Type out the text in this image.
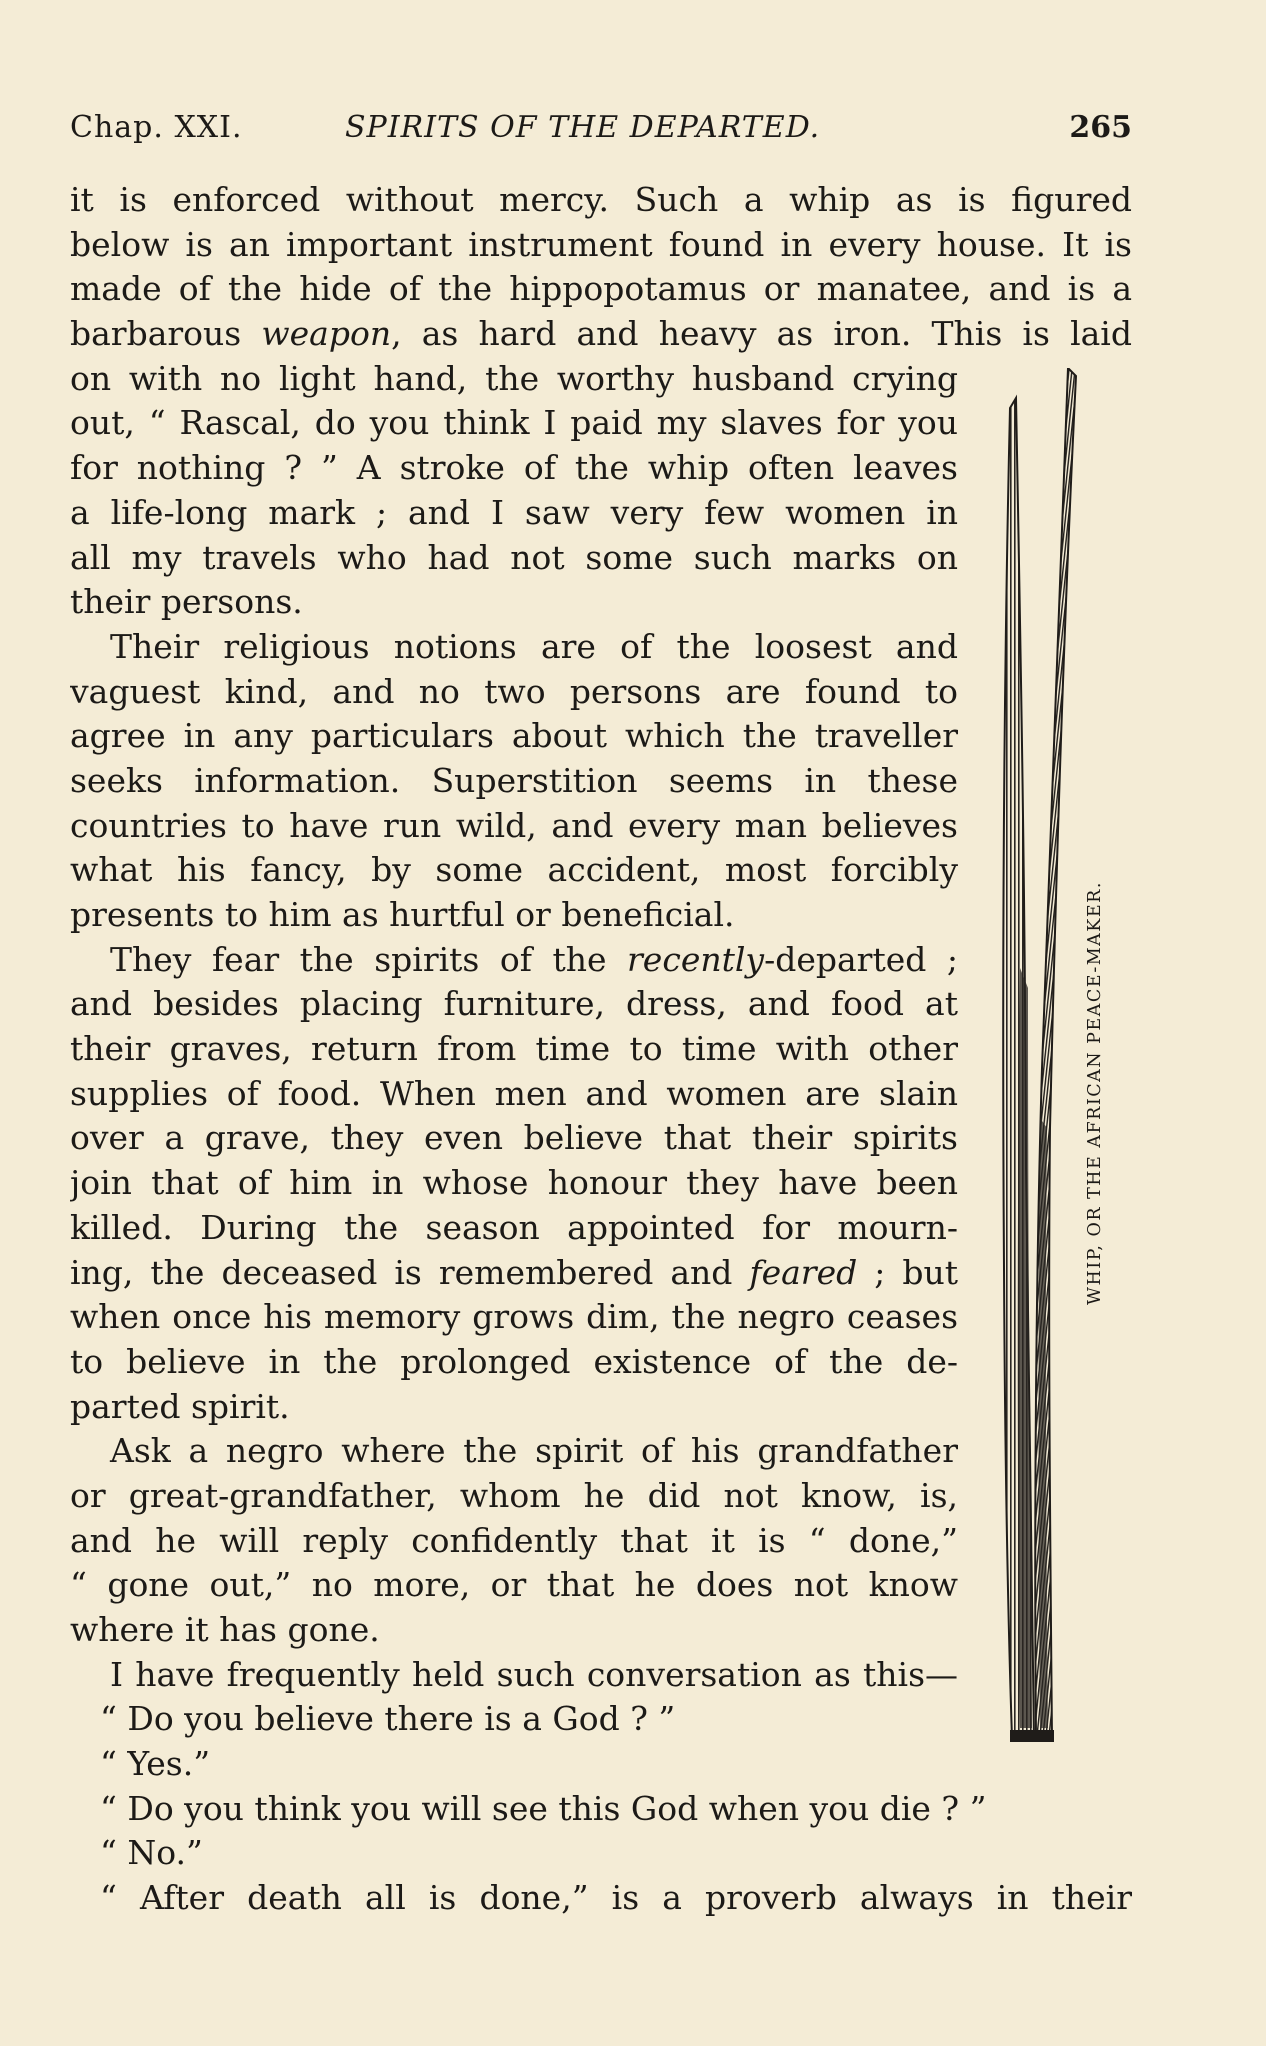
Chap. XXI.	SPIRITS OF THE DEPARTED.	265
it is enforced without mercy. Such a whip as is figured
below is an important instrument found in every house. It is
made of the hide of the hippopotamus or manatee, and is a
barbarous weapon, as hard and heavy as iron. This is laid
on with no light hand, the worthy husband crying
out, “ Rascal, do you think I paid my slaves for you
for nothing ? ” A stroke of the whip often leaves
a life-long mark ; and I saw very few women in
all my travels who had not some such marks on
their persons.
Their religious notions are of the loosest and
vaguest kind, and no two persons are found to
agree in any particulars about which the traveller
seeks information. Superstition seems in these
countries to have run wild, and every man believes
what his fancy, by some accident, most forcibly
presents to him as hurtful or beneficial.
They fear the spirits of the recently-departed ;
and besides placing furniture, dress, and food at
their graves, return from time to time with other
supplies of food. When men and women are slain
over a grave, they even believe that their spirits
join that of him in whose honour they have been
killed. During the season appointed for mourn-
ing, the deceased is remembered and feared ; but
when once his memory grows dim, the negro ceases
to believe in the prolonged existence of the de-
parted spirit.
Ask a negro where the spirit of his grandfather
or great-grandfather, whom he did not know, is,
and he will reply confidently that it is “ done,”
“ gone out,” no more, or that he does not know
where it has gone.
I have frequently held such conversation as this—
“ Do you believe there is a God ? ”
“ Yes.”
“ Do you think you will see this God when you die ? ”
“ No.”
“ After death all is done,” is a proverb always in their
WHIP, OR THE AFRICAN PEACE-MAKER.
